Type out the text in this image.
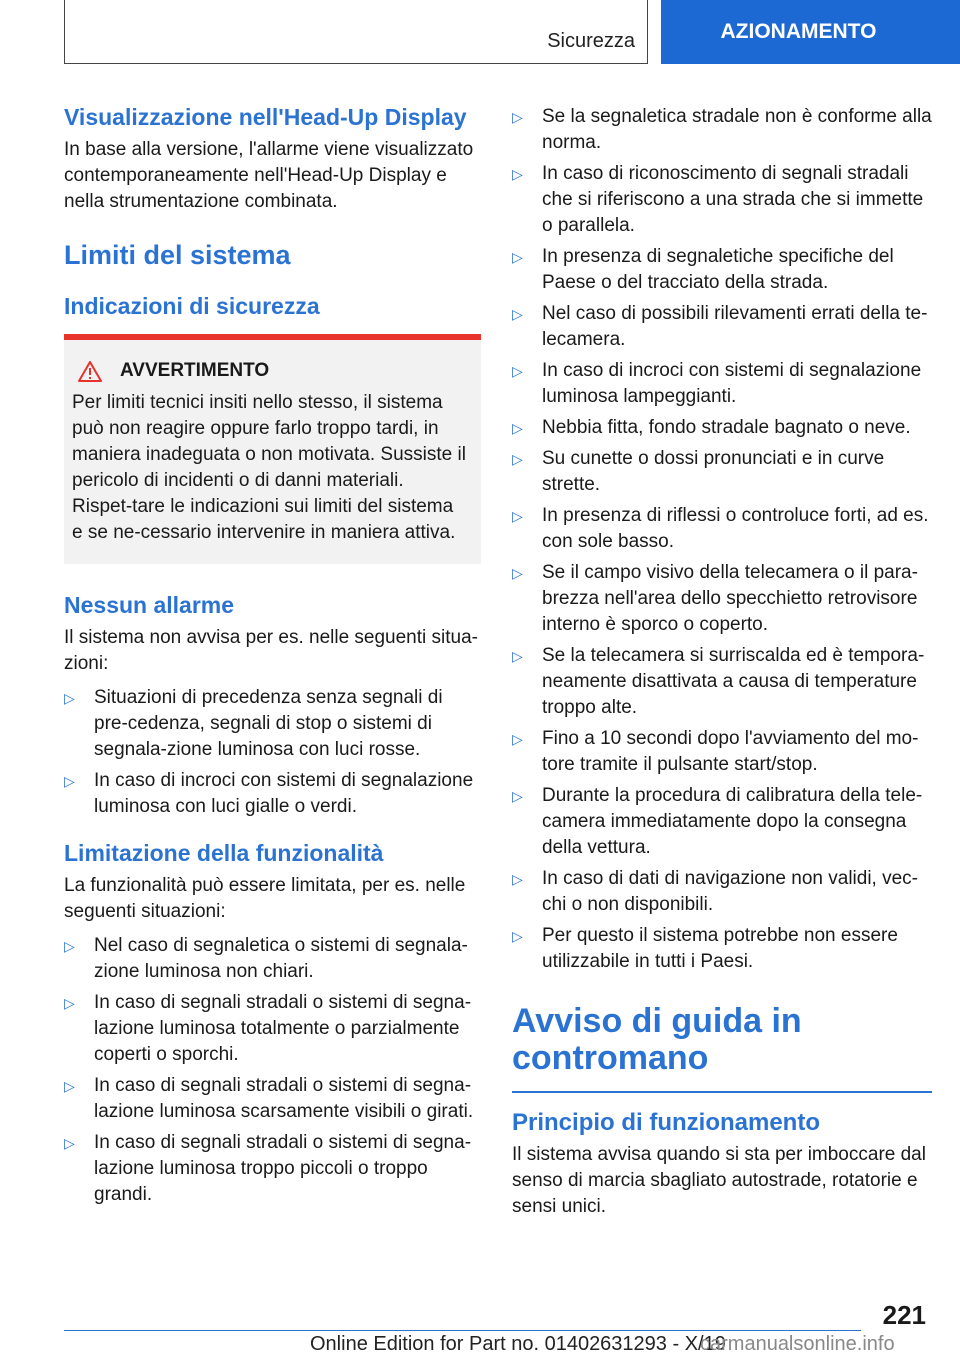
Sicurezza	AZIONAMENTO
Visualizzazione nell'Head-Up Display

In base alla versione, l'allarme viene visualizzato contemporaneamente nell'Head-Up Display e nella strumentazione combinata.

Limiti del sistema
Indicazioni di sicurezza
AVVERTIMENTO

Per limiti tecnici insiti nello stesso, il sistema può non reagire oppure farlo troppo tardi, in maniera inadeguata o non motivata. Sussiste il pericolo di incidenti o di danni materiali. Rispet-tare le indicazioni sui limiti del sistema e se ne-cessario intervenire in maniera attiva.

Nessun allarme

Il sistema non avvisa per es. nelle seguenti situa-zioni:

▷ Situazioni di precedenza senza segnali di pre-cedenza, segnali di stop o sistemi di segnala-zione luminosa con luci rosse.
▷ In caso di incroci con sistemi di segnalazione luminosa con luci gialle o verdi.
Limitazione della funzionalità

La funzionalità può essere limitata, per es. nelle seguenti situazioni:

▷ Nel caso di segnaletica o sistemi di segnala-zione luminosa non chiari.
▷ In caso di segnali stradali o sistemi di segna-lazione luminosa totalmente o parzialmente coperti o sporchi.
▷ In caso di segnali stradali o sistemi di segna-lazione luminosa scarsamente visibili o girati.
▷ In caso di segnali stradali o sistemi di segna-lazione luminosa troppo piccoli o troppo grandi.
▷ Se la segnaletica stradale non è conforme alla norma.
▷ In caso di riconoscimento di segnali stradali che si riferiscono a una strada che si immette o parallela.
▷ In presenza di segnaletiche specifiche del Paese o del tracciato della strada.
▷ Nel caso di possibili rilevamenti errati della te-lecamera.
▷ In caso di incroci con sistemi di segnalazione luminosa lampeggianti.
▷ Nebbia fitta, fondo stradale bagnato o neve.
▷ Su cunette o dossi pronunciati e in curve strette.
▷ In presenza di riflessi o controluce forti, ad es. con sole basso.
▷ Se il campo visivo della telecamera o il para-brezza nell'area dello specchietto retrovisore interno è sporco o coperto.
▷ Se la telecamera si surriscalda ed è tempora-neamente disattivata a causa di temperature troppo alte.
▷ Fino a 10 secondi dopo l'avviamento del mo-tore tramite il pulsante start/stop.
▷ Durante la procedura di calibratura della tele-camera immediatamente dopo la consegna della vettura.
▷ In caso di dati di navigazione non validi, vec-chi o non disponibili.
▷ Per questo il sistema potrebbe non essere utilizzabile in tutti i Paesi.
Avviso di guida in contromano
Principio di funzionamento

Il sistema avvisa quando si sta per imboccare dal senso di marcia sbagliato autostrade, rotatorie e sensi unici.

221
Online Edition for Part no. 01402631293 - X/19
carmanualsonline.info
